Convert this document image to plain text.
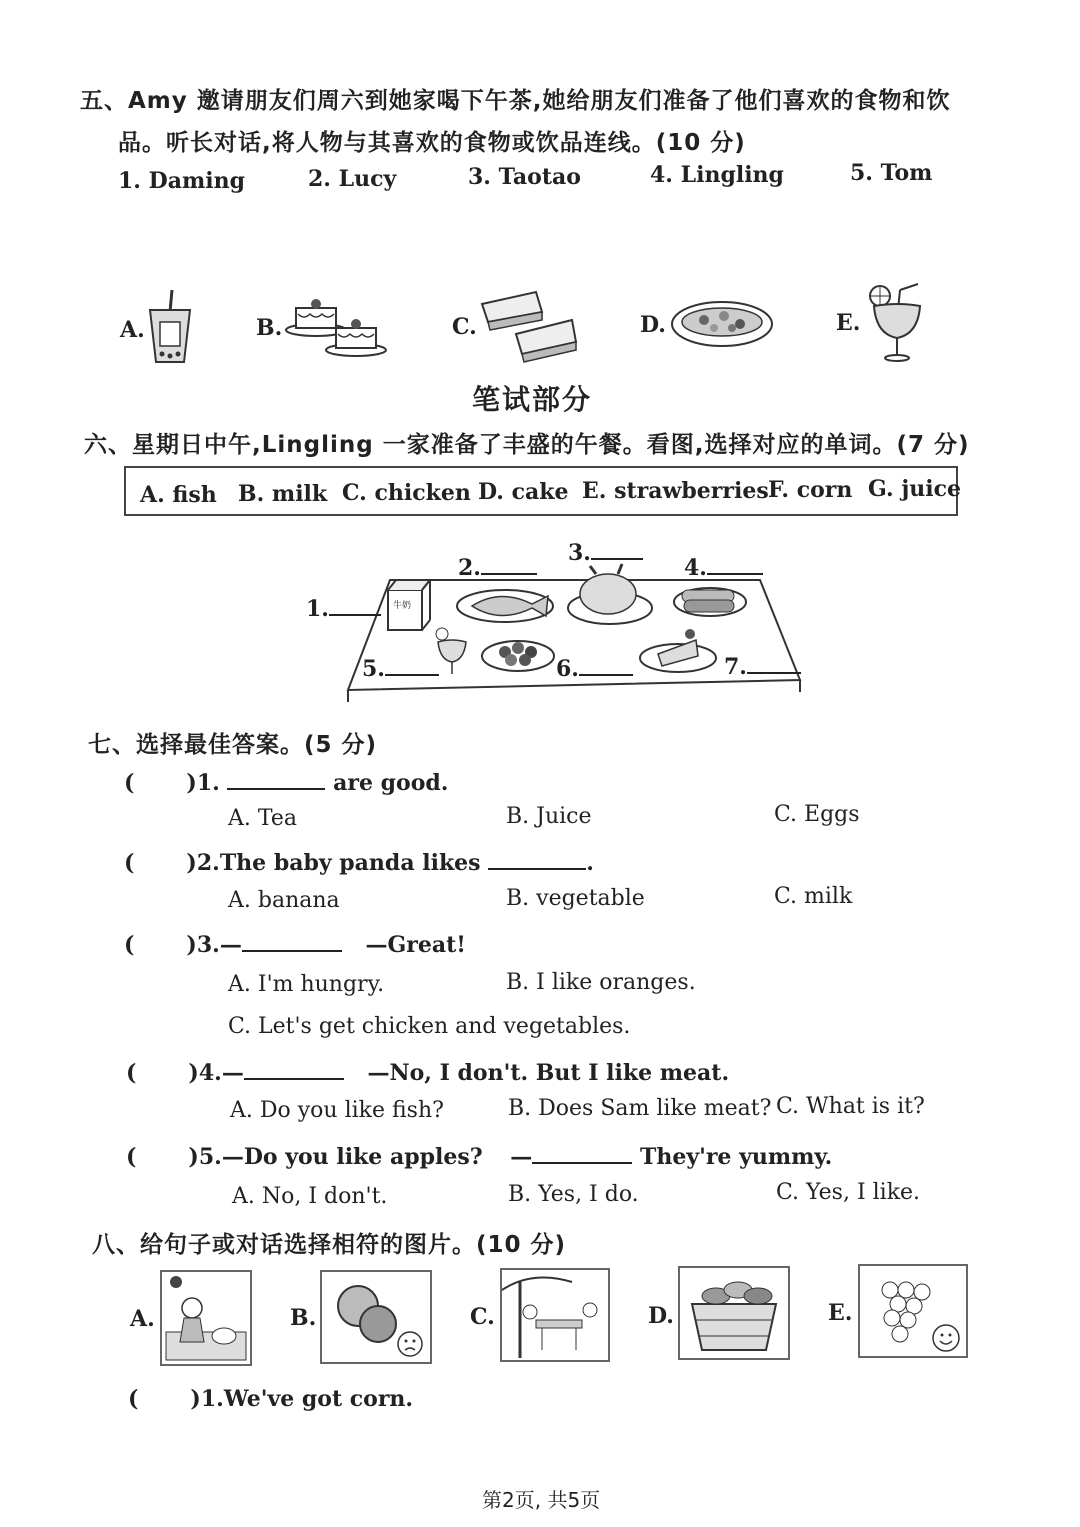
五、Amy 邀请朋友们周六到她家喝下午茶,她给朋友们准备了他们喜欢的食物和饮
品。听长对话,将人物与其喜欢的食物或饮品连线。(10 分)
1. Daming	2. Lucy	3. Taotao	4. Lingling	5. Tom
A.	B.	C.	D.	E.
笔试部分
六、星期日中午,Lingling 一家准备了丰盛的午餐。看图,选择对应的单词。(7 分)
A. fish B. milk C. chicken D. cake E. strawberries F. corn G. juice
1.
2.
3.
4.
5.	6.	7.
牛奶
七、选择最佳答案。(5 分)
( )1.	are good.
A. Tea	B. Juice	C. Eggs
( )2.The baby panda likes	.
A. banana	B. vegetable	C. milk
( )3.—	—Great!
A. I'm hungry.	B. I like oranges.
C. Let's get chicken and vegetables.
( )4.—	—No, I don't. But I like meat.
A. Do you like fish?	B. Does Sam like meat? C. What is it?
( )5.—Do you like apples? —	They're yummy.
A. No, I don't.	B. Yes, I do.	C. Yes, I like.
八、给句子或对话选择相符的图片。(10 分)
A.	B.	C.	D.	E.
( )1.We've got corn.
第2页, 共5页
